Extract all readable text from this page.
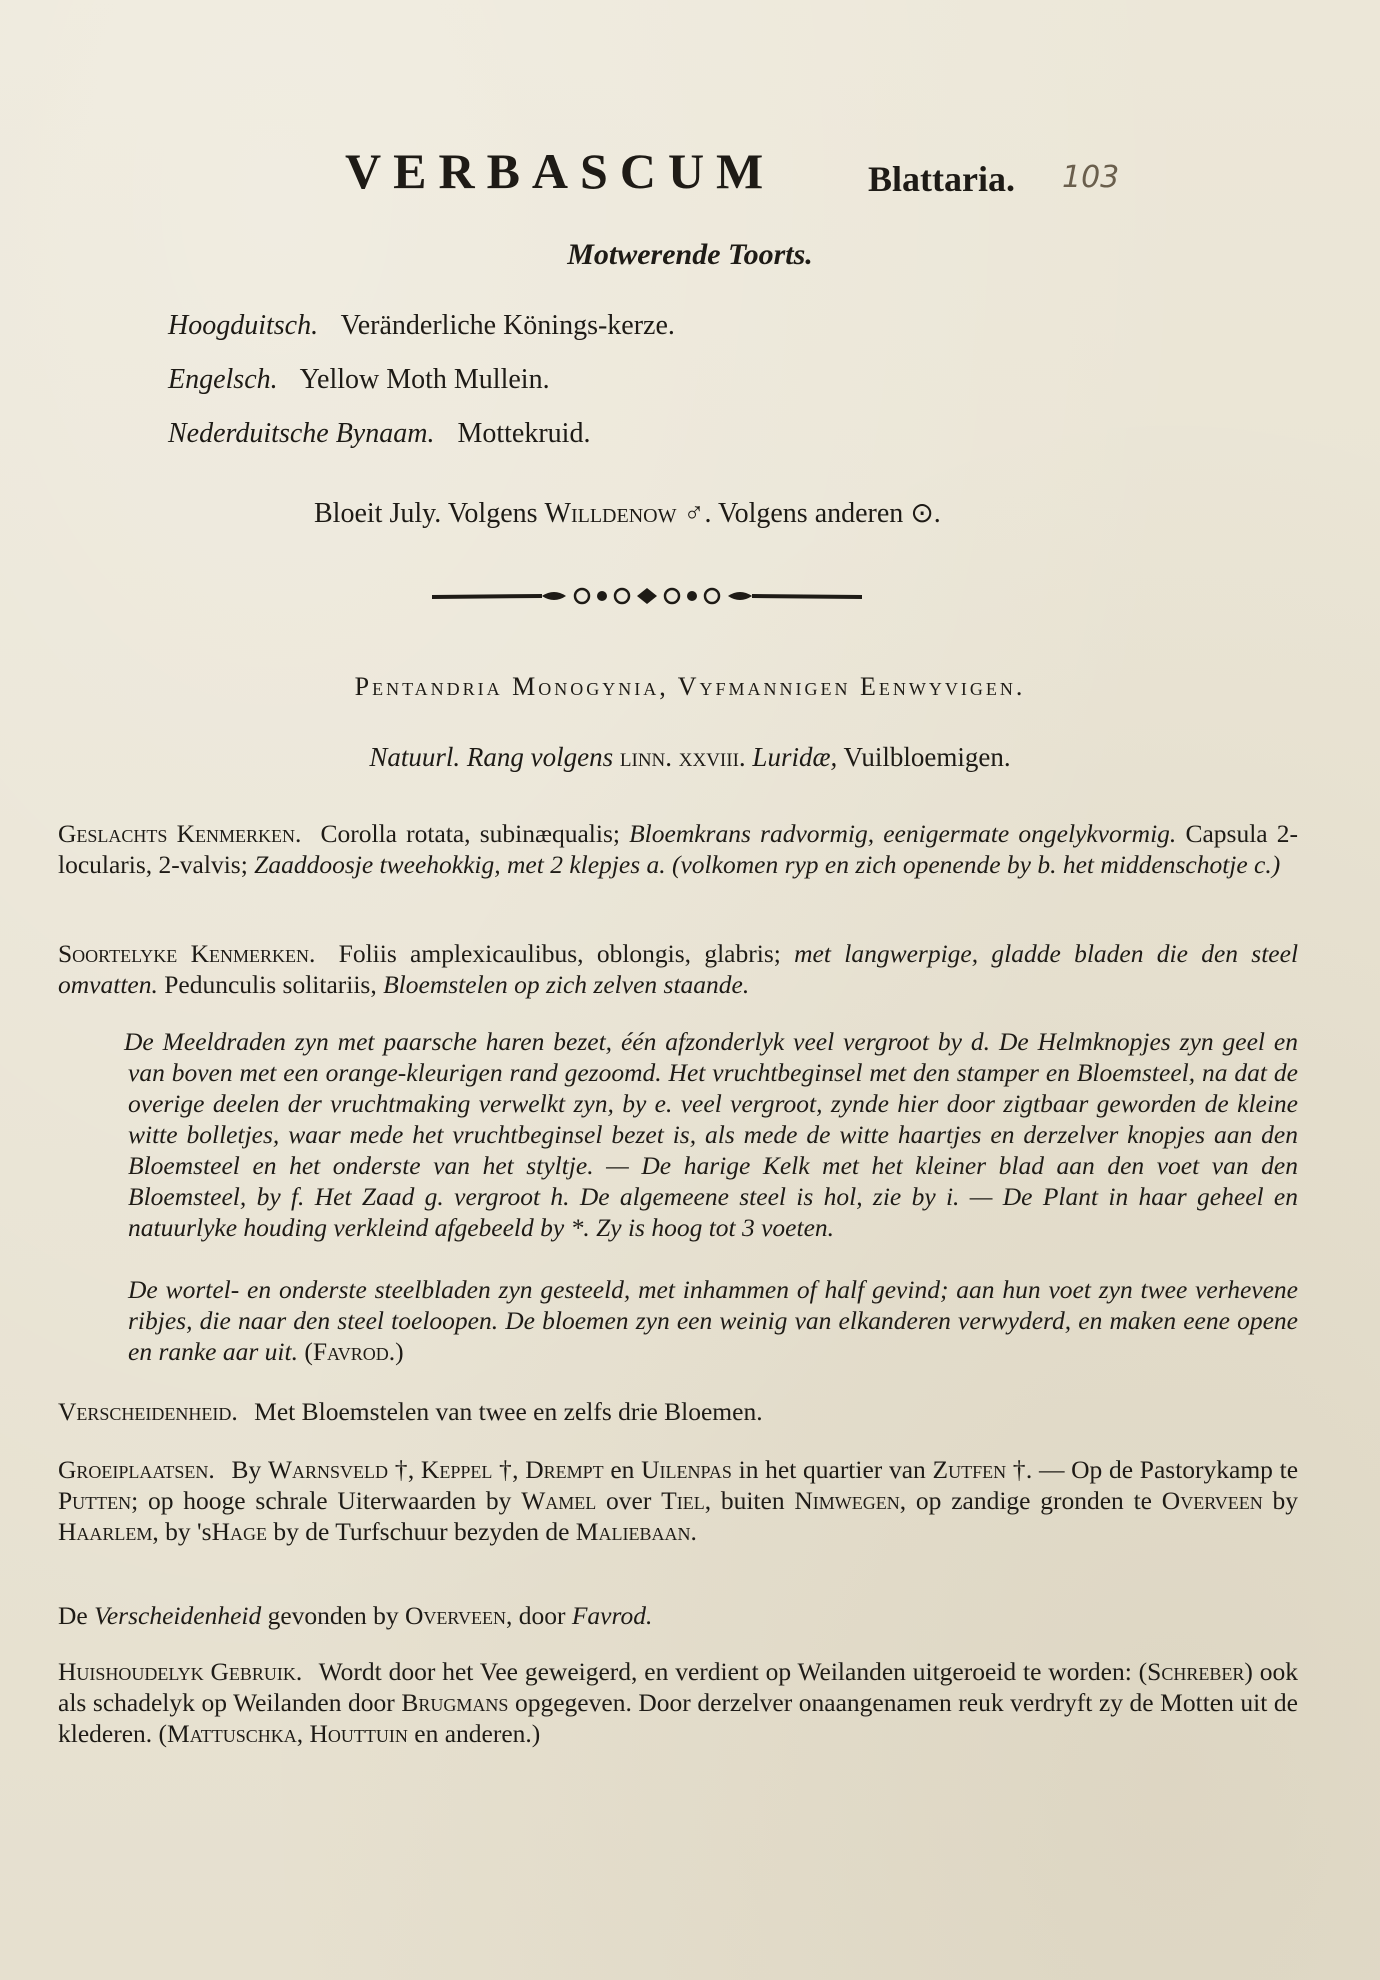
VERBASCUM	Blattaria. 103
Motwerende Toorts.
Hoogduitsch. Veränderliche Könings-kerze.
Engelsch. Yellow Moth Mullein.
Nederduitsche Bynaam. Mottekruid.
Bloeit July. Volgens Willdenow ♂. Volgens anderen ⊙.
Pentandria Monogynia, Vyfmannigen Eenwyvigen.
Natuurl. Rang volgens linn. xxviii. Luridæ, Vuilbloemigen.
Geslachts Kenmerken. Corolla rotata, subinæqualis; Bloemkrans radvormig, eenigermate ongelykvormig. Capsula 2-locularis, 2-valvis; Zaaddoosje tweehokkig, met 2 klepjes a. (volkomen ryp en zich openende by b. het middenschotje c.)
Soortelyke Kenmerken. Foliis amplexicaulibus, oblongis, glabris; met langwerpige, gladde bladen die den steel omvatten. Pedunculis solitariis, Bloemstelen op zich zelven staande.
De Meeldraden zyn met paarsche haren bezet, één afzonderlyk veel vergroot by d. De Helmknopjes zyn geel en van boven met een orange-kleurigen rand gezoomd. Het vruchtbeginsel met den stamper en Bloemsteel, na dat de overige deelen der vruchtmaking verwelkt zyn, by e. veel vergroot, zynde hier door zigtbaar geworden de kleine witte bolletjes, waar mede het vruchtbeginsel bezet is, als mede de witte haartjes en derzelver knopjes aan den Bloemsteel en het onderste van het styltje. — De harige Kelk met het kleiner blad aan den voet van den Bloemsteel, by f. Het Zaad g. vergroot h. De algemeene steel is hol, zie by i. — De Plant in haar geheel en natuurlyke houding verkleind afgebeeld by *. Zy is hoog tot 3 voeten.
De wortel- en onderste steelbladen zyn gesteeld, met inhammen of half gevind; aan hun voet zyn twee verhevene ribjes, die naar den steel toeloopen. De bloemen zyn een weinig van elkanderen verwyderd, en maken eene opene en ranke aar uit. (Favrod.)
Verscheidenheid. Met Bloemstelen van twee en zelfs drie Bloemen.
Groeiplaatsen. By Warnsveld †, Keppel †, Drempt en Uilenpas in het quartier van Zutfen †. — Op de Pastorykamp te Putten; op hooge schrale Uiterwaarden by Wamel over Tiel, buiten Nimwegen, op zandige gronden te Overveen by Haarlem, by 'sHage by de Turfschuur bezyden de Maliebaan.
De Verscheidenheid gevonden by Overveen, door Favrod.
Huishoudelyk Gebruik. Wordt door het Vee geweigerd, en verdient op Weilanden uitgeroeid te worden: (Schreber) ook als schadelyk op Weilanden door Brugmans opgegeven. Door derzelver onaangenamen reuk verdryft zy de Motten uit de klederen. (Mattuschka, Houttuin en anderen.)
